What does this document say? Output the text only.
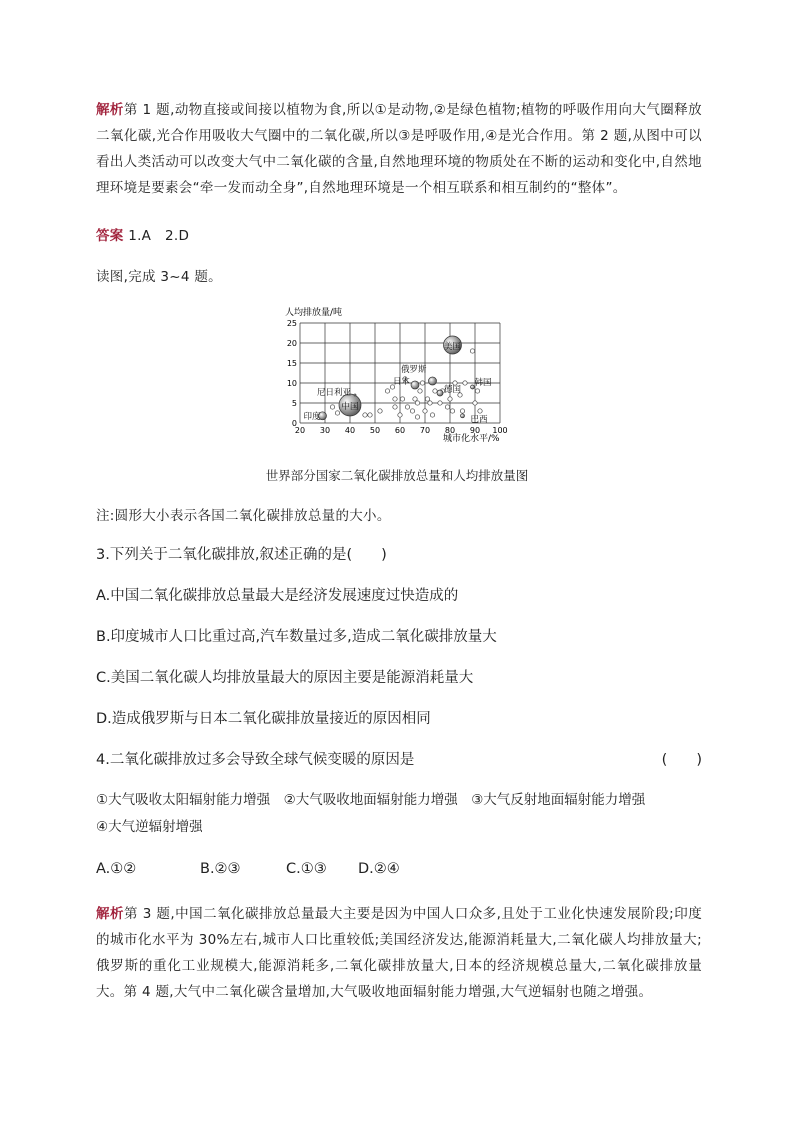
解析第 1 题,动物直接或间接以植物为食,所以①是动物,②是绿色植物;植物的呼吸作用向大气圈释放二氧化碳,光合作用吸收大气圈中的二氧化碳,所以③是呼吸作用,④是光合作用。第 2 题,从图中可以看出人类活动可以改变大气中二氧化碳的含量,自然地理环境的物质处在不断的运动和变化中,自然地理环境是要素会“牵一发而动全身”,自然地理环境是一个相互联系和相互制约的“整体”。
答案 1.A　2.D
读图,完成 3~4 题。
人均排放量/吨
20 30 40 50 60 70 80 90 100
0
5
10
15
20
25
美国
中国
印度
俄罗斯
日本
德国
韩国
尼日利亚
巴西
城市化水平/%
世界部分国家二氧化碳排放总量和人均排放量图
注:圆形大小表示各国二氧化碳排放总量的大小。
3.下列关于二氧化碳排放,叙述正确的是(　　)
A.中国二氧化碳排放总量最大是经济发展速度过快造成的
B.印度城市人口比重过高,汽车数量过多,造成二氧化碳排放量大
C.美国二氧化碳人均排放量最大的原因主要是能源消耗量大
D.造成俄罗斯与日本二氧化碳排放量接近的原因相同
4.二氧化碳排放过多会导致全球气候变暖的原因是	(　　)
①大气吸收太阳辐射能力增强　②大气吸收地面辐射能力增强　③大气反射地面辐射能力增强
④大气逆辐射增强
A.①②	B.②③	C.①③ D.②④
解析第 3 题,中国二氧化碳排放总量最大主要是因为中国人口众多,且处于工业化快速发展阶段;印度的城市化水平为 30%左右,城市人口比重较低;美国经济发达,能源消耗量大,二氧化碳人均排放量大;俄罗斯的重化工业规模大,能源消耗多,二氧化碳排放量大,日本的经济规模总量大,二氧化碳排放量大。第 4 题,大气中二氧化碳含量增加,大气吸收地面辐射能力增强,大气逆辐射也随之增强。
